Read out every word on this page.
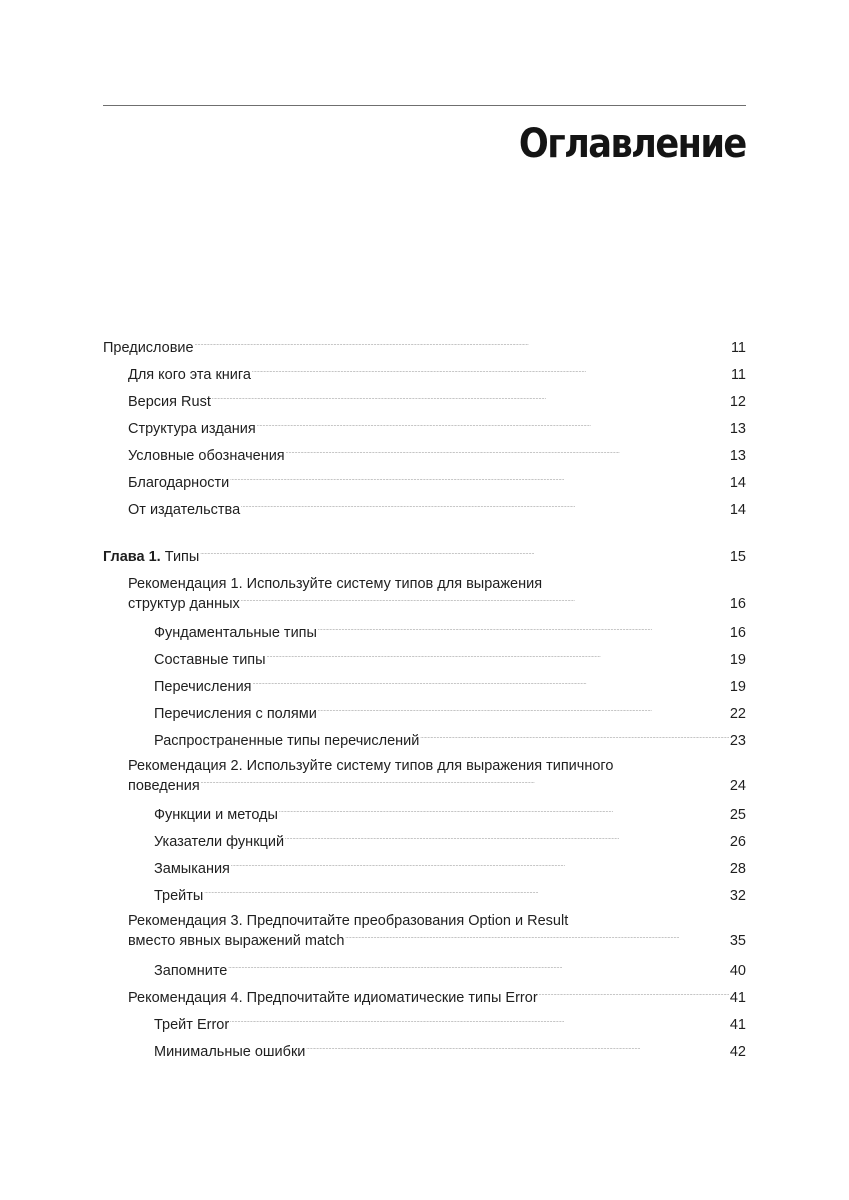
Оглавление
Предисловие . . .	11
Для кого эта книга . . .	11
Версия Rust . . .	12
Структура издания . . .	13
Условные обозначения . . .	13
Благодарности . . .	14
От издательства . . .	14
Глава 1. Типы . . .	15
Рекомендация 1. Используйте систему типов для выражения
структур данных . . .	16
Фундаментальные типы . . .	16
Составные типы . . .	19
Перечисления . . .	19
Перечисления с полями . . .	22
Распространенные типы перечислений . . .	23
Рекомендация 2. Используйте систему типов для выражения типичного
поведения . . .	24
Функции и методы . . .	25
Указатели функций . . .	26
Замыкания . . .	28
Трейты . . .	32
Рекомендация 3. Предпочитайте преобразования Option и Result
вместо явных выражений match . . .	35
Запомните . . .	40
Рекомендация 4. Предпочитайте идиоматические типы Error . . .	41
Трейт Error . . .	41
Минимальные ошибки . . .	42
